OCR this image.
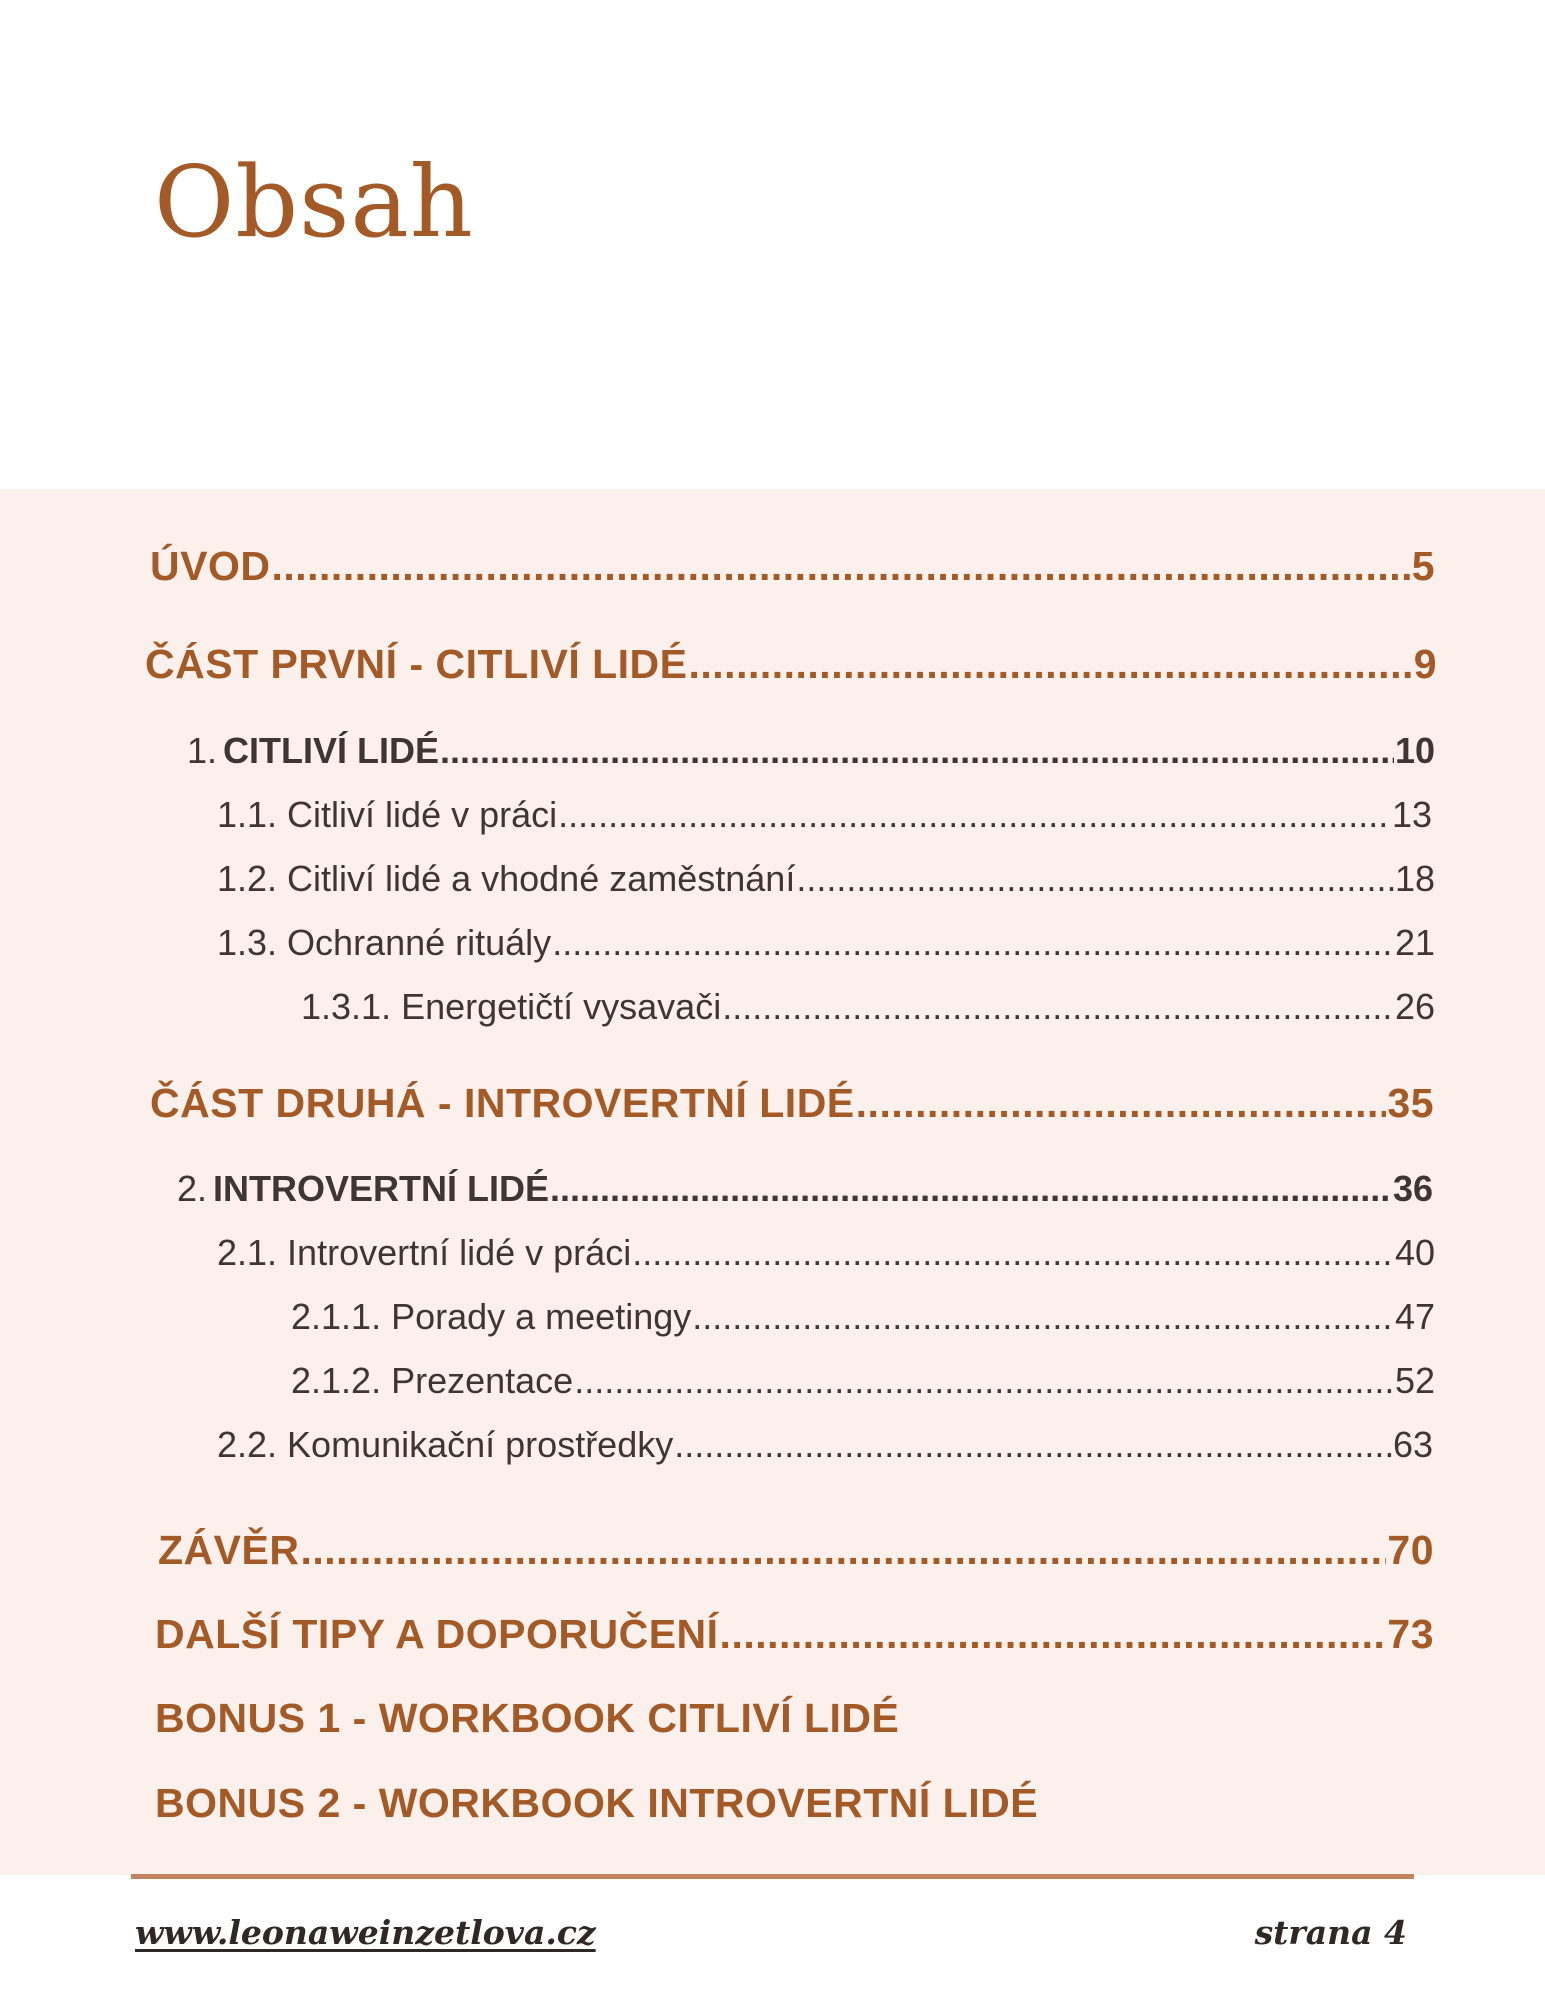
Obsah
ÚVOD .....	5
ČÁST PRVNÍ - CITLIVÍ LIDÉ .....	9
1. CITLIVÍ LIDÉ .....	10
1.1. Citliví lidé v práci .....	13
1.2. Citliví lidé a vhodné zaměstnání .....	18
1.3. Ochranné rituály .....	21
1.3.1. Energetičtí vysavači .....	26
ČÁST DRUHÁ - INTROVERTNÍ LIDÉ .....	35
2. INTROVERTNÍ LIDÉ .....	36
2.1. Introvertní lidé v práci .....	40
2.1.1. Porady a meetingy .....	47
2.1.2. Prezentace .....	52
2.2. Komunikační prostředky .....	63
ZÁVĚR .....	70
DALŠÍ TIPY A DOPORUČENÍ .....	73
BONUS 1 - WORKBOOK CITLIVÍ LIDÉ
BONUS 2 - WORKBOOK INTROVERTNÍ LIDÉ
www.leonaweinzetlova.cz	strana 4
